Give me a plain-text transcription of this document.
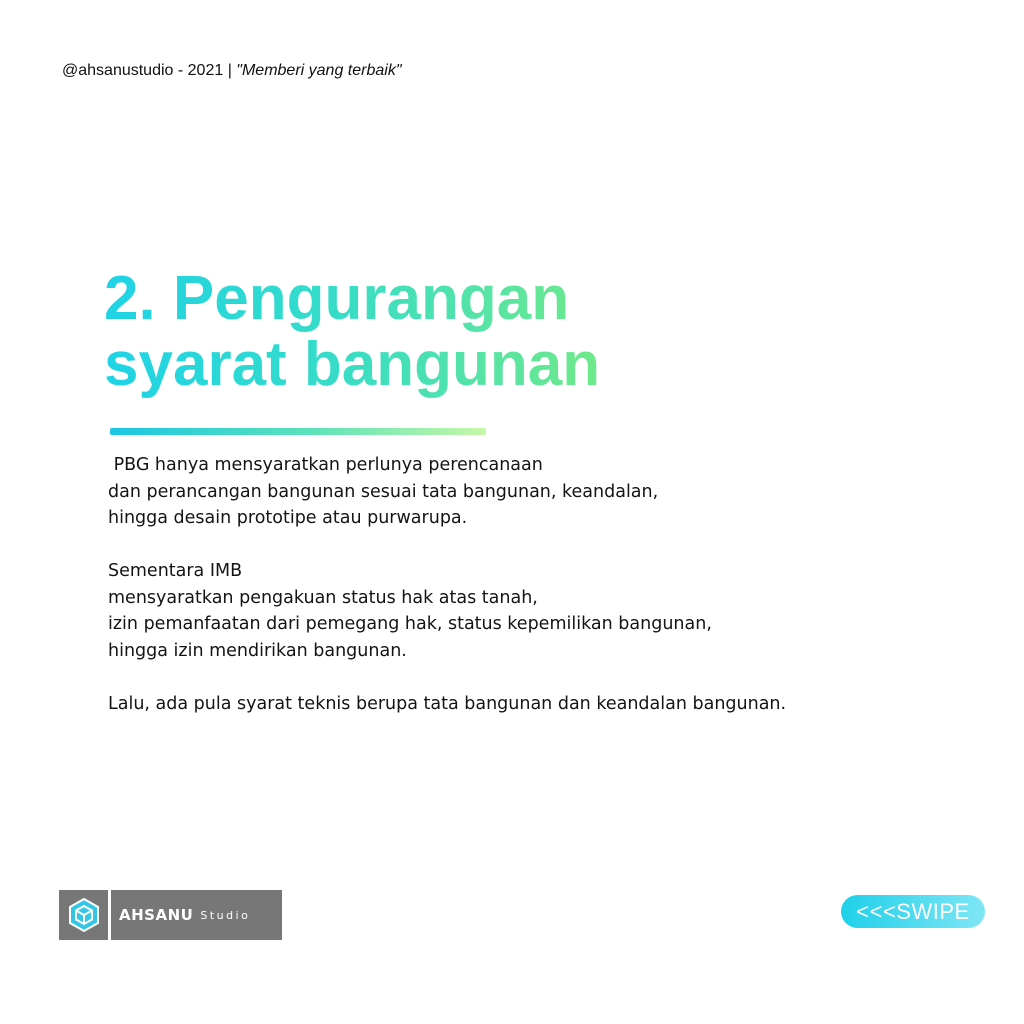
@ahsanustudio - 2021 | "Memberi yang terbaik"
2. Pengurangan
syarat bangunan
PBG hanya mensyaratkan perlunya perencanaan
dan perancangan bangunan sesuai tata bangunan, keandalan,
hingga desain prototipe atau purwarupa.
Sementara IMB
mensyaratkan pengakuan status hak atas tanah,
izin pemanfaatan dari pemegang hak, status kepemilikan bangunan,
hingga izin mendirikan bangunan.
Lalu, ada pula syarat teknis berupa tata bangunan dan keandalan bangunan.
AHSANU Studio	<<<SWIPE
